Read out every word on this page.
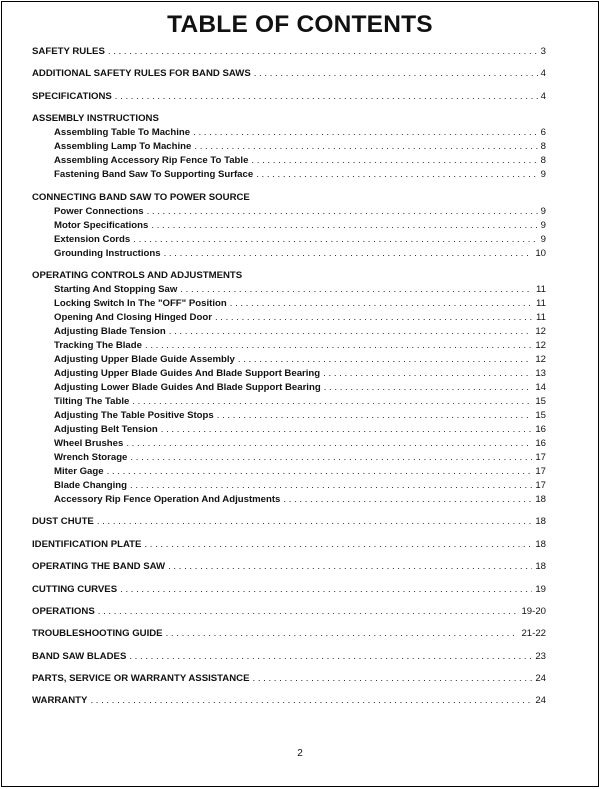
TABLE OF CONTENTS
SAFETY RULES . . .	3
ADDITIONAL SAFETY RULES FOR BAND SAWS . . .	4
SPECIFICATIONS . . .	4
ASSEMBLY INSTRUCTIONS
Assembling Table To Machine . . .	6
Assembling Lamp To Machine . . .	8
Assembling Accessory Rip Fence To Table . . .	8
Fastening Band Saw To Supporting Surface . . .	9
CONNECTING BAND SAW TO POWER SOURCE
Power Connections . . .	9
Motor Specifications . . .	9
Extension Cords . . .	9
Grounding Instructions . . .	10
OPERATING CONTROLS AND ADJUSTMENTS
Starting And Stopping Saw . . .	11
Locking Switch In The "OFF" Position . . .	11
Opening And Closing Hinged Door . . .	11
Adjusting Blade Tension . . .	12
Tracking The Blade . . .	12
Adjusting Upper Blade Guide Assembly . . .	12
Adjusting Upper Blade Guides And Blade Support Bearing . . .	13
Adjusting Lower Blade Guides And Blade Support Bearing . . .	14
Tilting The Table . . .	15
Adjusting The Table Positive Stops . . .	15
Adjusting Belt Tension . . .	16
Wheel Brushes . . .	16
Wrench Storage . . .	17
Miter Gage . . .	17
Blade Changing . . .	17
Accessory Rip Fence Operation And Adjustments . . .	18
DUST CHUTE . . .	18
IDENTIFICATION PLATE . . .	18
OPERATING THE BAND SAW . . .	18
CUTTING CURVES . . .	19
OPERATIONS . . .	19-20
TROUBLESHOOTING GUIDE . . .	21-22
BAND SAW BLADES . . .	23
PARTS, SERVICE OR WARRANTY ASSISTANCE . . .	24
WARRANTY . . .	24
2
